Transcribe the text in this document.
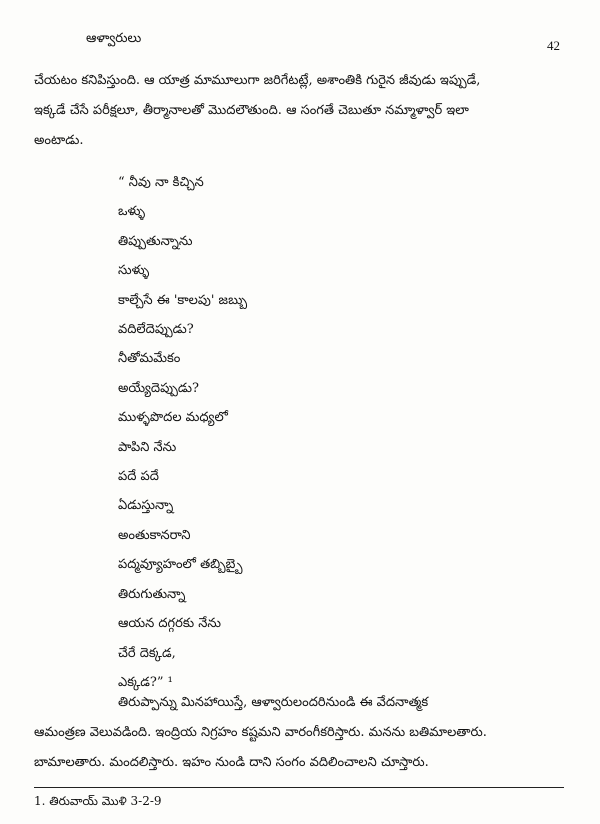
ఆళ్వారులు	42
చేయటం కనిపిస్తుంది. ఆ యాత్ర మామూలుగా జరిగేటట్లే, అశాంతికి గురైన జీవుడు ఇప్పుడే,
ఇక్కడే చేసే పరీక్షలూ, తీర్మానాలతో మొదలౌతుంది. ఆ సంగతే చెబుతూ నమ్మాళ్వార్ ఇలా
అంటాడు.
“ నీవు నా కిచ్చిన
ఒళ్ళు
తిప్పుతున్నాను
సుళ్ళు
కాల్చేసే ఈ 'కాలపు' జబ్బు
వదిలేదెప్పుడు?
నీతోమమేకం
అయ్యేదెప్పుడు?
ముళ్ళపొదల మధ్యలో
పాపిని నేను
పదే పదే
ఏడుస్తున్నా
అంతుకానరాని
పద్మవ్యూహంలో తబ్బిబ్బై
తిరుగుతున్నా
ఆయన దగ్గరకు నేను
చేరే దెక్కడ,
ఎక్కడ?” ¹
తిరుప్పాన్ను మినహాయిస్తే, ఆళ్వారులందరినుండి ఈ వేదనాత్మక
ఆమంత్రణ వెలువడింది. ఇంద్రియ నిగ్రహం కష్టమని వారంగీకరిస్తారు. మనను బతిమాలతారు.
బామాలతారు. మందలిస్తారు. ఇహం నుండి దాని సంగం వదిలించాలని చూస్తారు.
1. తిరువాయ్ మొళి 3-2-9
